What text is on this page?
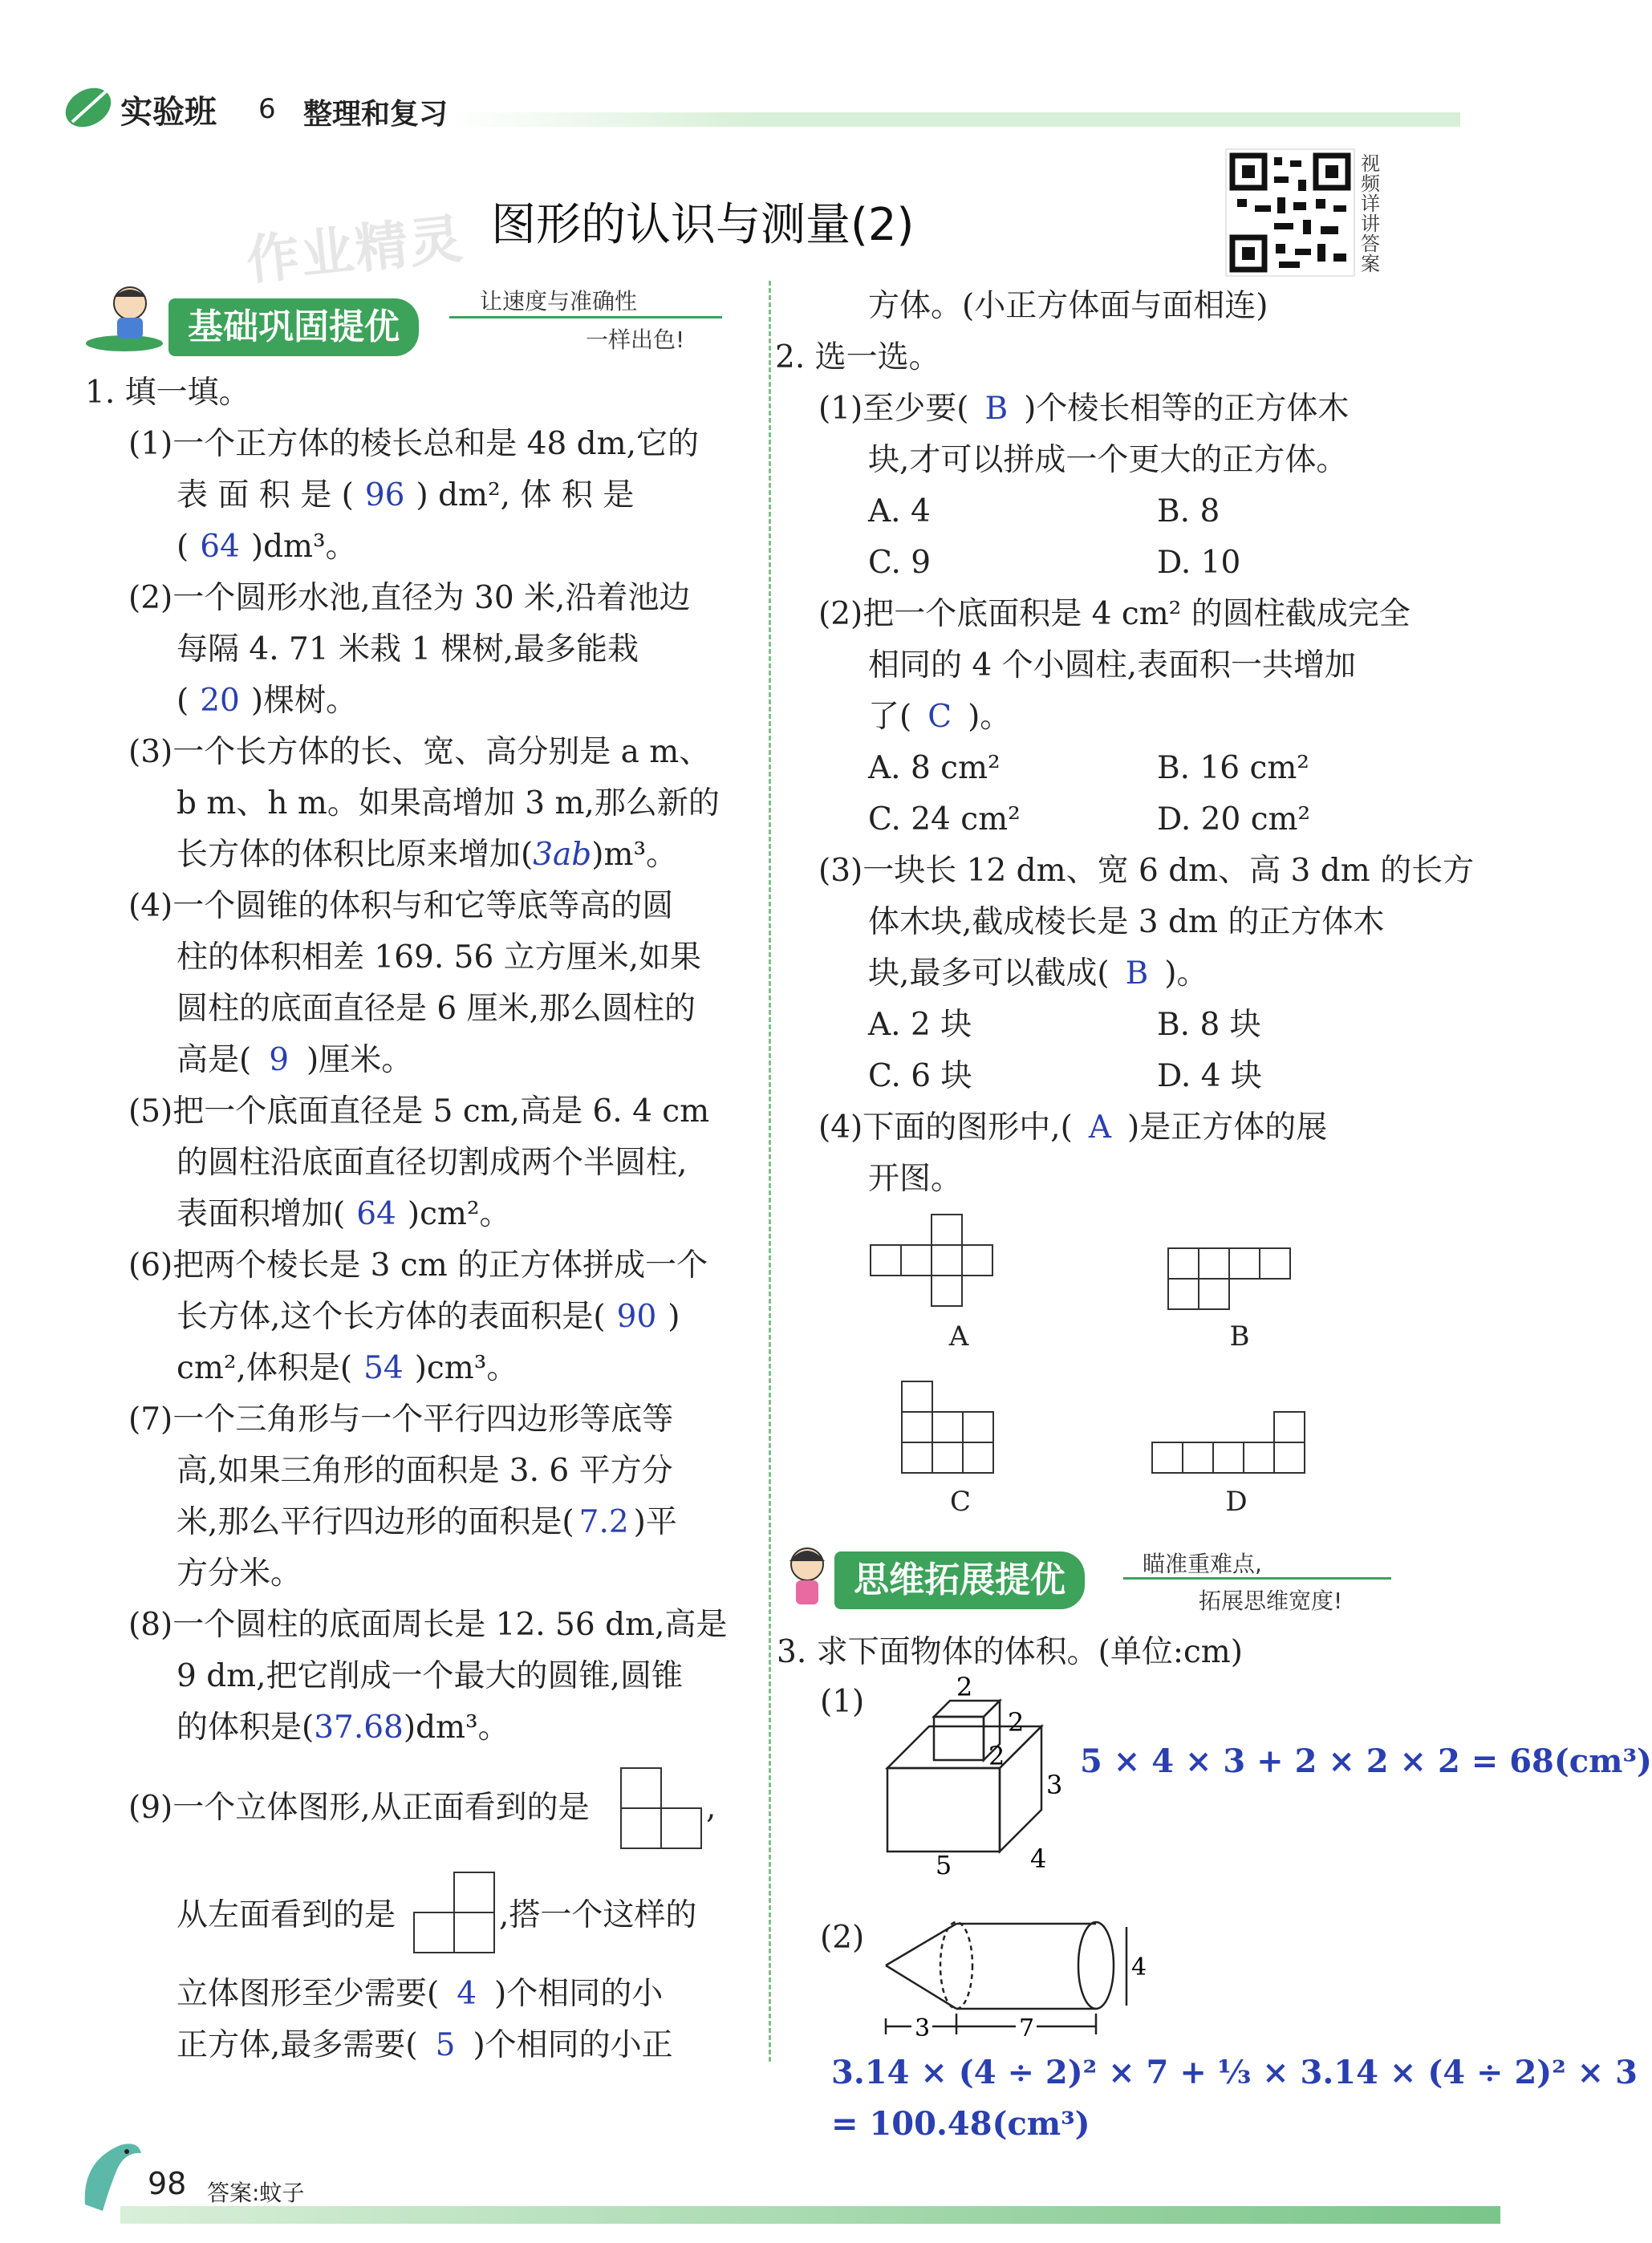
实验班 6 整理和复习
作业精灵 图形的认识与测量(2)
视频详讲答案
基础巩固提优
让速度与准确性
一样出色!
1. 填一填。
(1)一个正方体的棱长总和是 48 dm,它的
表 面 积 是 ( 96 ) dm², 体 积 是
( 64 )dm³。
(2)一个圆形水池,直径为 30 米,沿着池边
每隔 4. 71 米栽 1 棵树,最多能栽
( 20 )棵树。
(3)一个长方体的长、宽、高分别是 a m、
b m、h m。如果高增加 3 m,那么新的
长方体的体积比原来增加(3ab)m³。
(4)一个圆锥的体积与和它等底等高的圆
柱的体积相差 169. 56 立方厘米,如果
圆柱的底面直径是 6 厘米,那么圆柱的
高是( 9 )厘米。
(5)把一个底面直径是 5 cm,高是 6. 4 cm
的圆柱沿底面直径切割成两个半圆柱,
表面积增加( 64 )cm²。
(6)把两个棱长是 3 cm 的正方体拼成一个
长方体,这个长方体的表面积是( 90 )
cm²,体积是( 54 )cm³。
(7)一个三角形与一个平行四边形等底等
高,如果三角形的面积是 3. 6 平方分
米,那么平行四边形的面积是( 7.2 )平
方分米。
(8)一个圆柱的底面周长是 12. 56 dm,高是
9 dm,把它削成一个最大的圆锥,圆锥
的体积是(37.68)dm³。
(9)一个立体图形,从正面看到的是	,
从左面看到的是	,搭一个这样的
立体图形至少需要( 4 )个相同的小
正方体,最多需要( 5 )个相同的小正
方体。(小正方体面与面相连)
2. 选一选。
(1)至少要( B )个棱长相等的正方体木
块,才可以拼成一个更大的正方体。
A. 4	B. 8
C. 9	D. 10
(2)把一个底面积是 4 cm² 的圆柱截成完全
相同的 4 个小圆柱,表面积一共增加
了( C )。
A. 8 cm²	B. 16 cm²
C. 24 cm²	D. 20 cm²
(3)一块长 12 dm、宽 6 dm、高 3 dm 的长方
体木块,截成棱长是 3 dm 的正方体木
块,最多可以截成( B )。
A. 2 块	B. 8 块
C. 6 块	D. 4 块
(4)下面的图形中,( A )是正方体的展
开图。
A	B
C	D
思维拓展提优	瞄准重难点,
拓展思维宽度!
3. 求下面物体的体积。(单位:cm)
(1)	2
2
2
3
4
5
5 × 4 × 3 + 2 × 2 × 2 = 68(cm³)
(2)
4
3	7
3.14 × (4 ÷ 2)² × 7 + ⅓ × 3.14 × (4 ÷ 2)² × 3
= 100.48(cm³)
98 答案:蚊子
